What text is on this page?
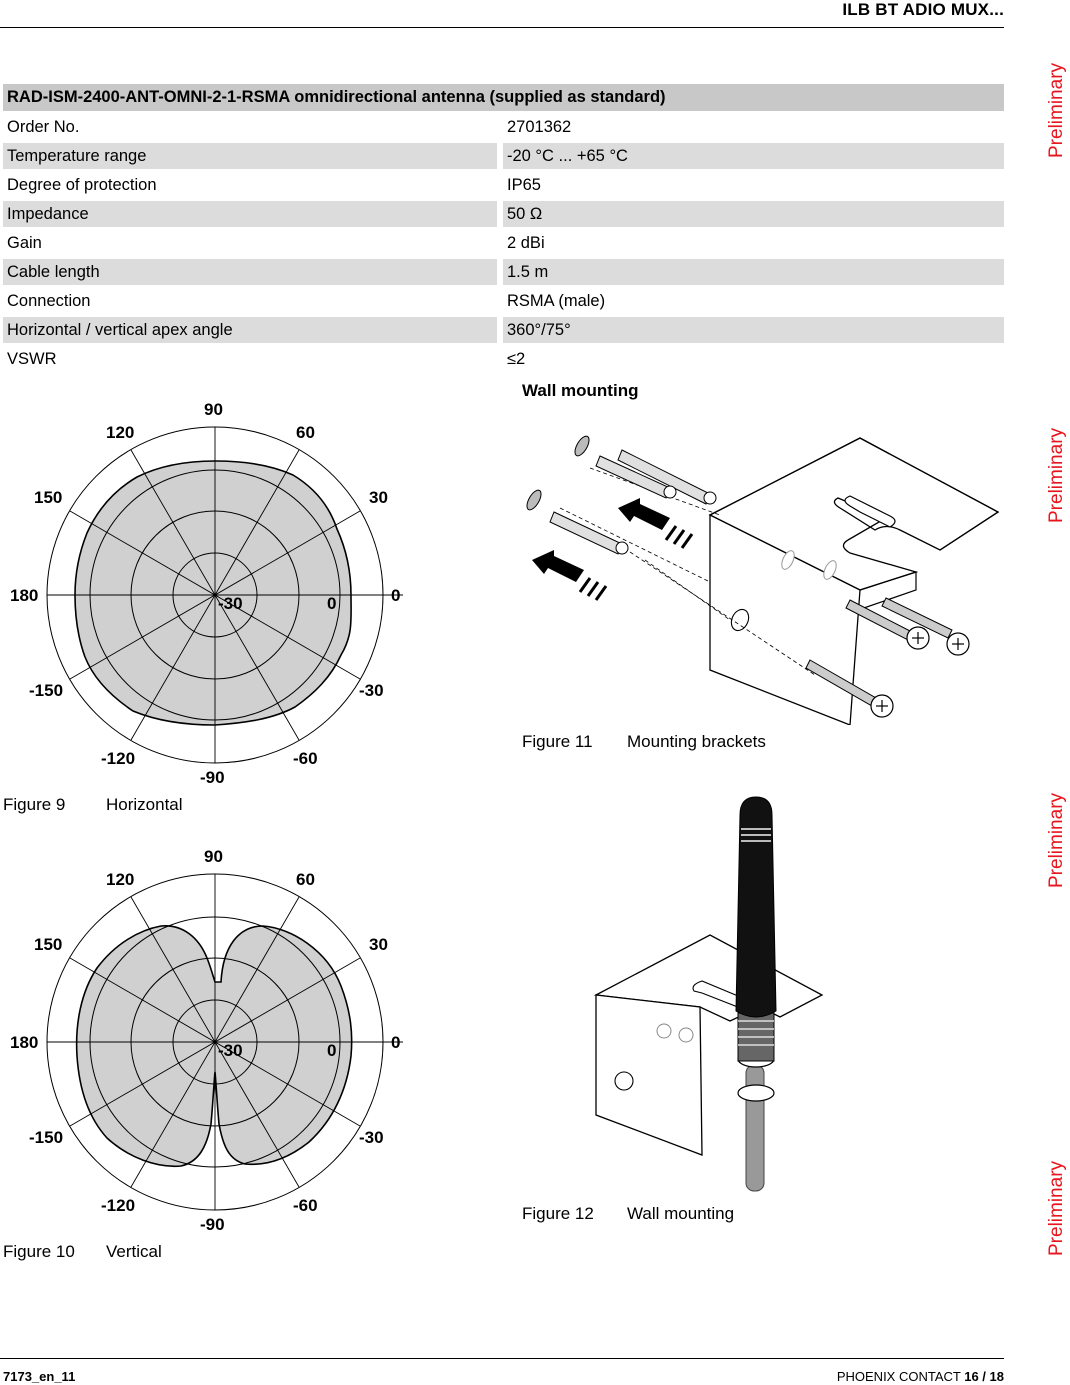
ILB BT ADIO MUX...
RAD-ISM-2400-ANT-OMNI-2-1-RSMA omnidirectional antenna (supplied as standard)
Order No.	2701362
Temperature range	-20 °C ... +65 °C
Degree of protection	IP65
Impedance	50 Ω
Gain	2 dBi
Cable length	1.5 m
Connection	RSMA (male)
Horizontal / vertical apex angle	360°/75°
VSWR	≤2
90
60
30
0
-30
-60
-90
-120
-150
180
150
120
-30	0
Figure 9 Horizontal
90
60
30
0
-30
-60
-90
-120
-150
180
150
120
-30	0
Figure 10 Vertical
Wall mounting
Figure 11 Mounting brackets
Figure 12 Wall mounting
Preliminary
Preliminary
Preliminary
Preliminary
7173_en_11	PHOENIX CONTACT 16 / 18
